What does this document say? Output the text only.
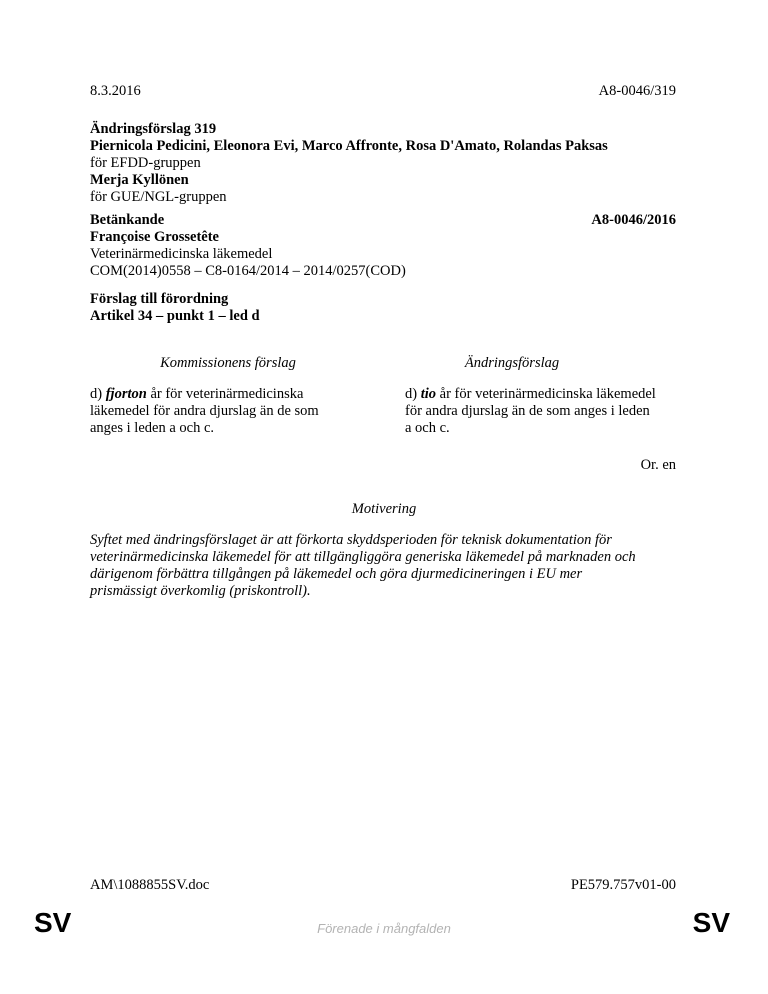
8.3.2016	A8-0046/319
Ändringsförslag 319
Piernicola Pedicini, Eleonora Evi, Marco Affronte, Rosa D'Amato, Rolandas Paksas
för EFDD-gruppen
Merja Kyllönen
för GUE/NGL-gruppen
Betänkande
Françoise Grossetête
Veterinärmedicinska läkemedel
COM(2014)0558 – C8-0164/2014 – 2014/0257(COD)
A8-0046/2016
Förslag till förordning
Artikel 34 – punkt 1 – led d
Kommissionens förslag	Ändringsförslag
d) fjorton år för veterinärmedicinska
läkemedel för andra djurslag än de som
anges i leden a och c.
d) tio år för veterinärmedicinska läkemedel
för andra djurslag än de som anges i leden
a och c.
Or. en
Motivering
Syftet med ändringsförslaget är att förkorta skyddsperioden för teknisk dokumentation för
veterinärmedicinska läkemedel för att tillgängliggöra generiska läkemedel på marknaden och
därigenom förbättra tillgången på läkemedel och göra djurmedicineringen i EU mer
prismässigt överkomlig (priskontroll).
AM\1088855SV.doc	PE579.757v01-00
SV	Förenade i mångfalden	SV
